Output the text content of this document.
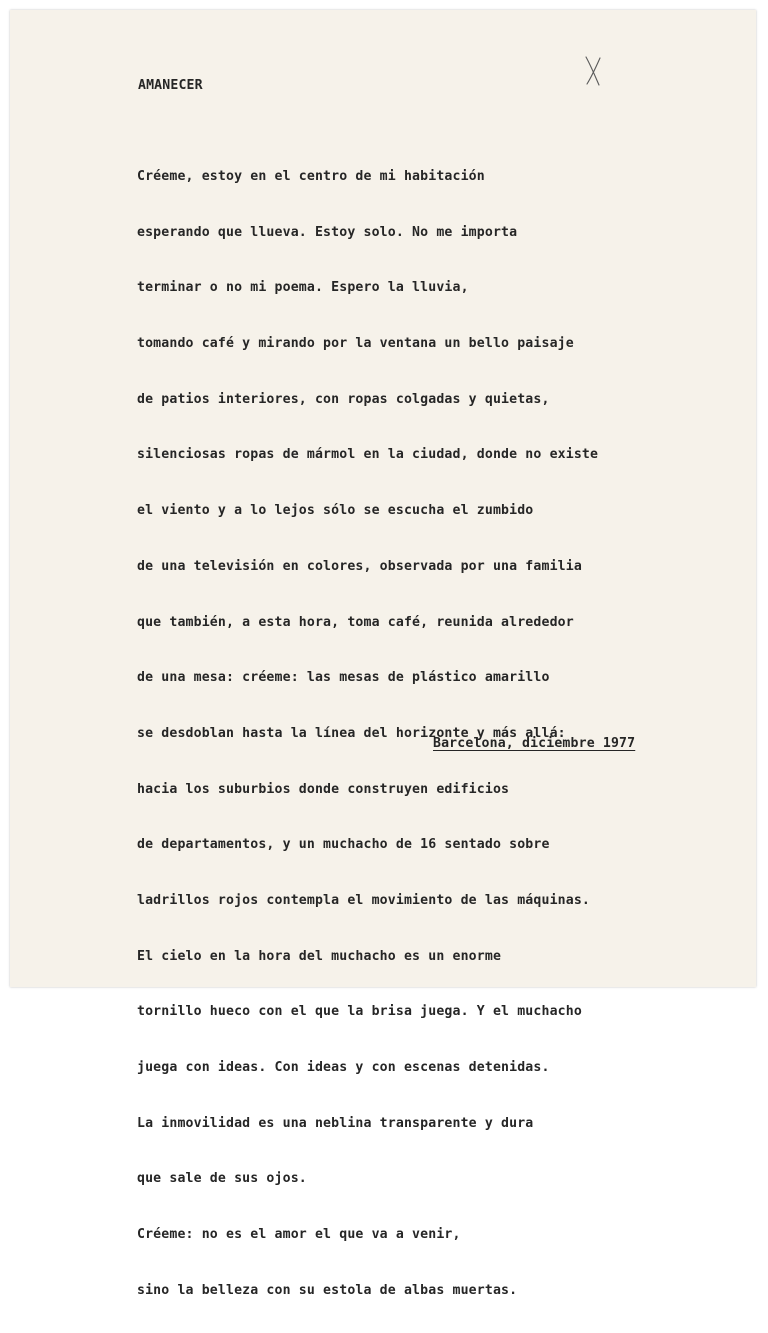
AMANECER

Créeme, estoy en el centro de mi habitación

esperando que llueva. Estoy solo. No me importa

terminar o no mi poema. Espero la lluvia,

tomando café y mirando por la ventana un bello paisaje

de patios interiores, con ropas colgadas y quietas,

silenciosas ropas de mármol en la ciudad, donde no existe

el viento y a lo lejos sólo se escucha el zumbido

de una televisión en colores, observada por una familia

que también, a esta hora, toma café, reunida alrededor

de una mesa: créeme: las mesas de plástico amarillo

se desdoblan hasta la línea del horizonte y más allá:

hacia los suburbios donde construyen edificios

de departamentos, y un muchacho de 16 sentado sobre

ladrillos rojos contempla el movimiento de las máquinas.

El cielo en la hora del muchacho es un enorme

tornillo hueco con el que la brisa juega. Y el muchacho

juega con ideas. Con ideas y con escenas detenidas.

La inmovilidad es una neblina transparente y dura

que sale de sus ojos.

Créeme: no es el amor el que va a venir,

sino la belleza con su estola de albas muertas.

Barcelona, diciembre 1977
